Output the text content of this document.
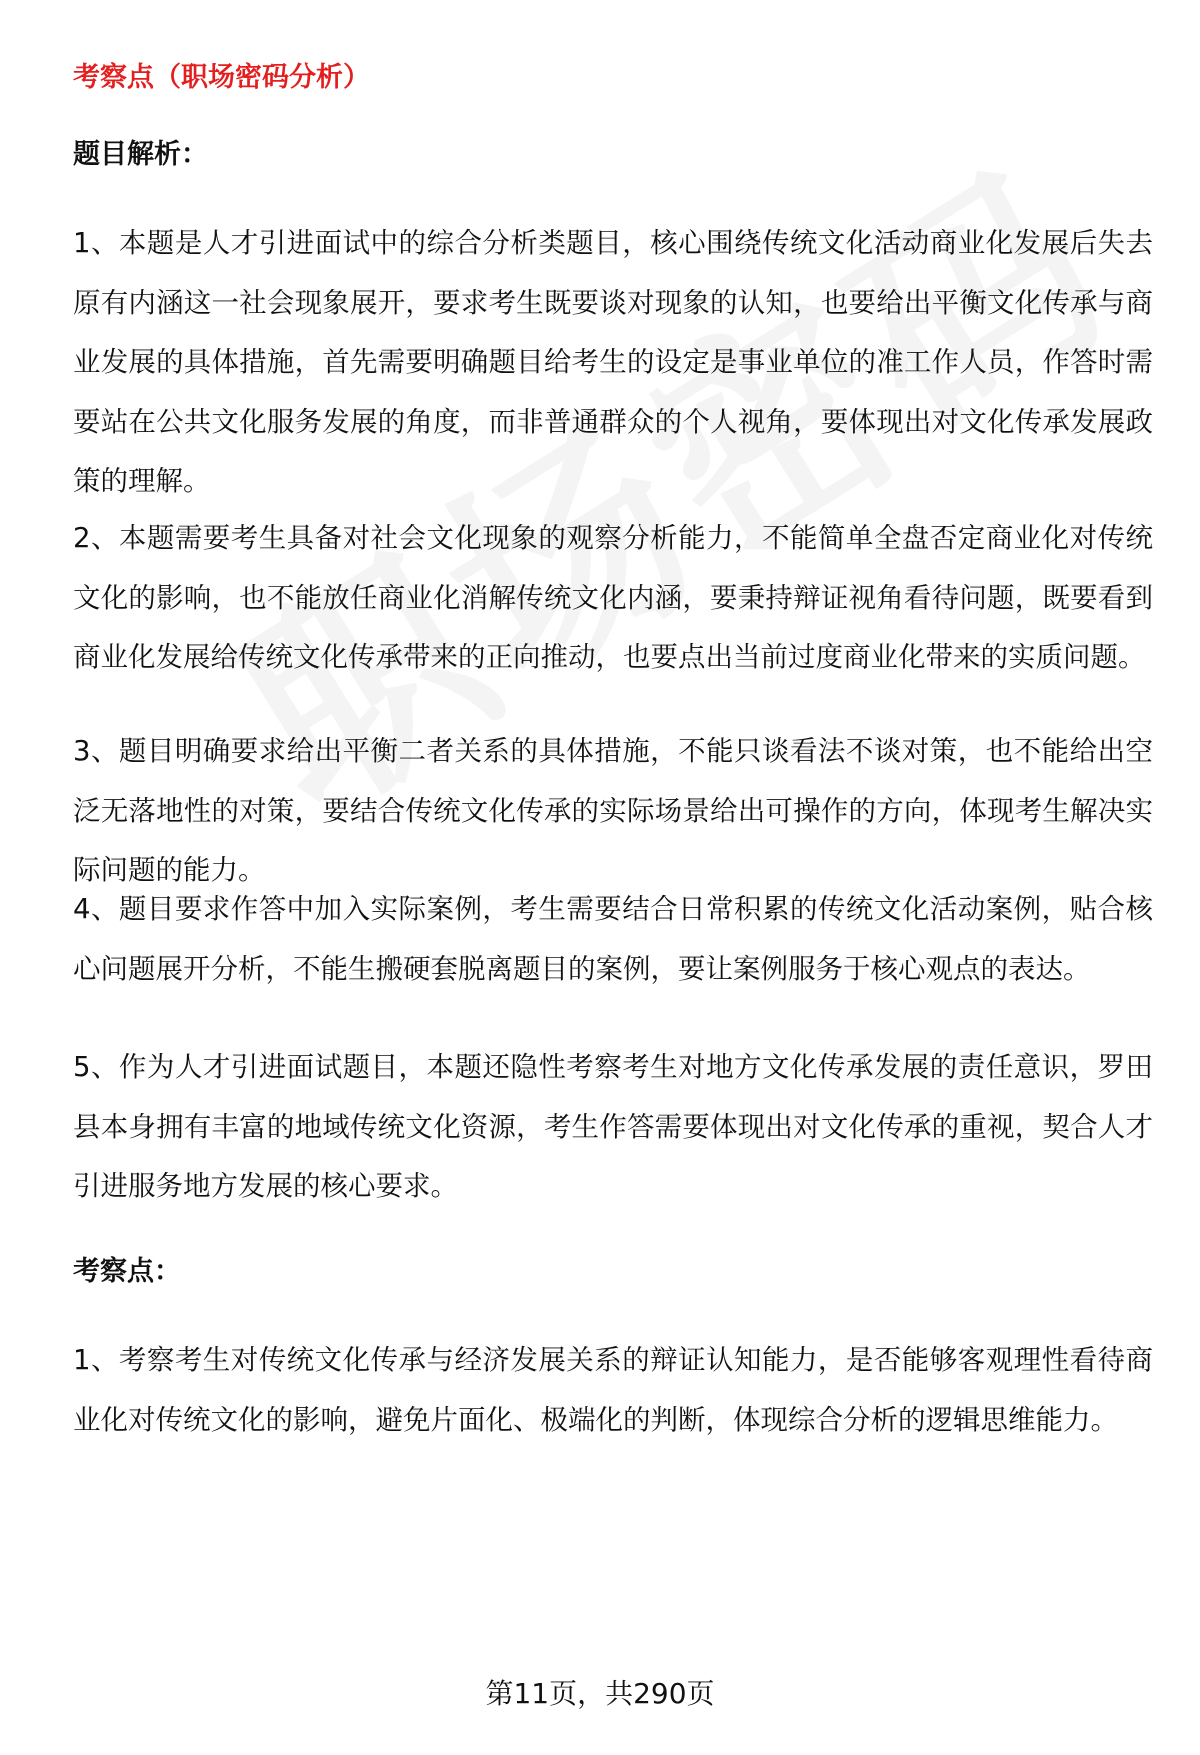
考察点（职场密码分析）
题目解析：
1、本题是人才引进面试中的综合分析类题目，核心围绕传统文化活动商业化发展后失去原有内涵这一社会现象展开，要求考生既要谈对现象的认知，也要给出平衡文化传承与商业发展的具体措施，首先需要明确题目给考生的设定是事业单位的准工作人员，作答时需要站在公共文化服务发展的角度，而非普通群众的个人视角，要体现出对文化传承发展政策的理解。
2、本题需要考生具备对社会文化现象的观察分析能力，不能简单全盘否定商业化对传统文化的影响，也不能放任商业化消解传统文化内涵，要秉持辩证视角看待问题，既要看到商业化发展给传统文化传承带来的正向推动，也要点出当前过度商业化带来的实质问题。
3、题目明确要求给出平衡二者关系的具体措施，不能只谈看法不谈对策，也不能给出空泛无落地性的对策，要结合传统文化传承的实际场景给出可操作的方向，体现考生解决实际问题的能力。
4、题目要求作答中加入实际案例，考生需要结合日常积累的传统文化活动案例，贴合核心问题展开分析，不能生搬硬套脱离题目的案例，要让案例服务于核心观点的表达。
5、作为人才引进面试题目，本题还隐性考察考生对地方文化传承发展的责任意识，罗田县本身拥有丰富的地域传统文化资源，考生作答需要体现出对文化传承的重视，契合人才引进服务地方发展的核心要求。
考察点：
1、考察考生对传统文化传承与经济发展关系的辩证认知能力，是否能够客观理性看待商业化对传统文化的影响，避免片面化、极端化的判断，体现综合分析的逻辑思维能力。
第11页，共290页
